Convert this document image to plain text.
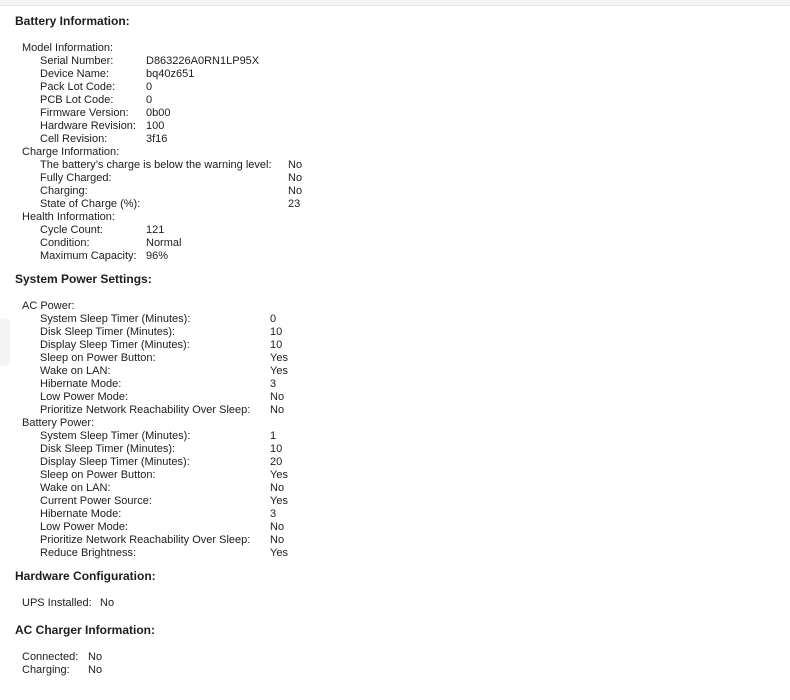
Battery Information:
Model Information:
Serial Number:	D863226A0RN1LP95X
Device Name:	bq40z651
Pack Lot Code:	0
PCB Lot Code:	0
Firmware Version:	0b00
Hardware Revision: 100
Cell Revision:	3f16
Charge Information:
The battery’s charge is below the warning level:	No
Fully Charged:	No
Charging:	No
State of Charge (%):	23
Health Information:
Cycle Count:	121
Condition:	Normal
Maximum Capacity: 96%
System Power Settings:
AC Power:
System Sleep Timer (Minutes):	0
Disk Sleep Timer (Minutes):	10
Display Sleep Timer (Minutes):	10
Sleep on Power Button:	Yes
Wake on LAN:	Yes
Hibernate Mode:	3
Low Power Mode:	No
Prioritize Network Reachability Over Sleep:	No
Battery Power:
System Sleep Timer (Minutes):	1
Disk Sleep Timer (Minutes):	10
Display Sleep Timer (Minutes):	20
Sleep on Power Button:	Yes
Wake on LAN:	No
Current Power Source:	Yes
Hibernate Mode:	3
Low Power Mode:	No
Prioritize Network Reachability Over Sleep:	No
Reduce Brightness:	Yes
Hardware Configuration:
UPS Installed: No
AC Charger Information:
Connected: No
Charging:	No
